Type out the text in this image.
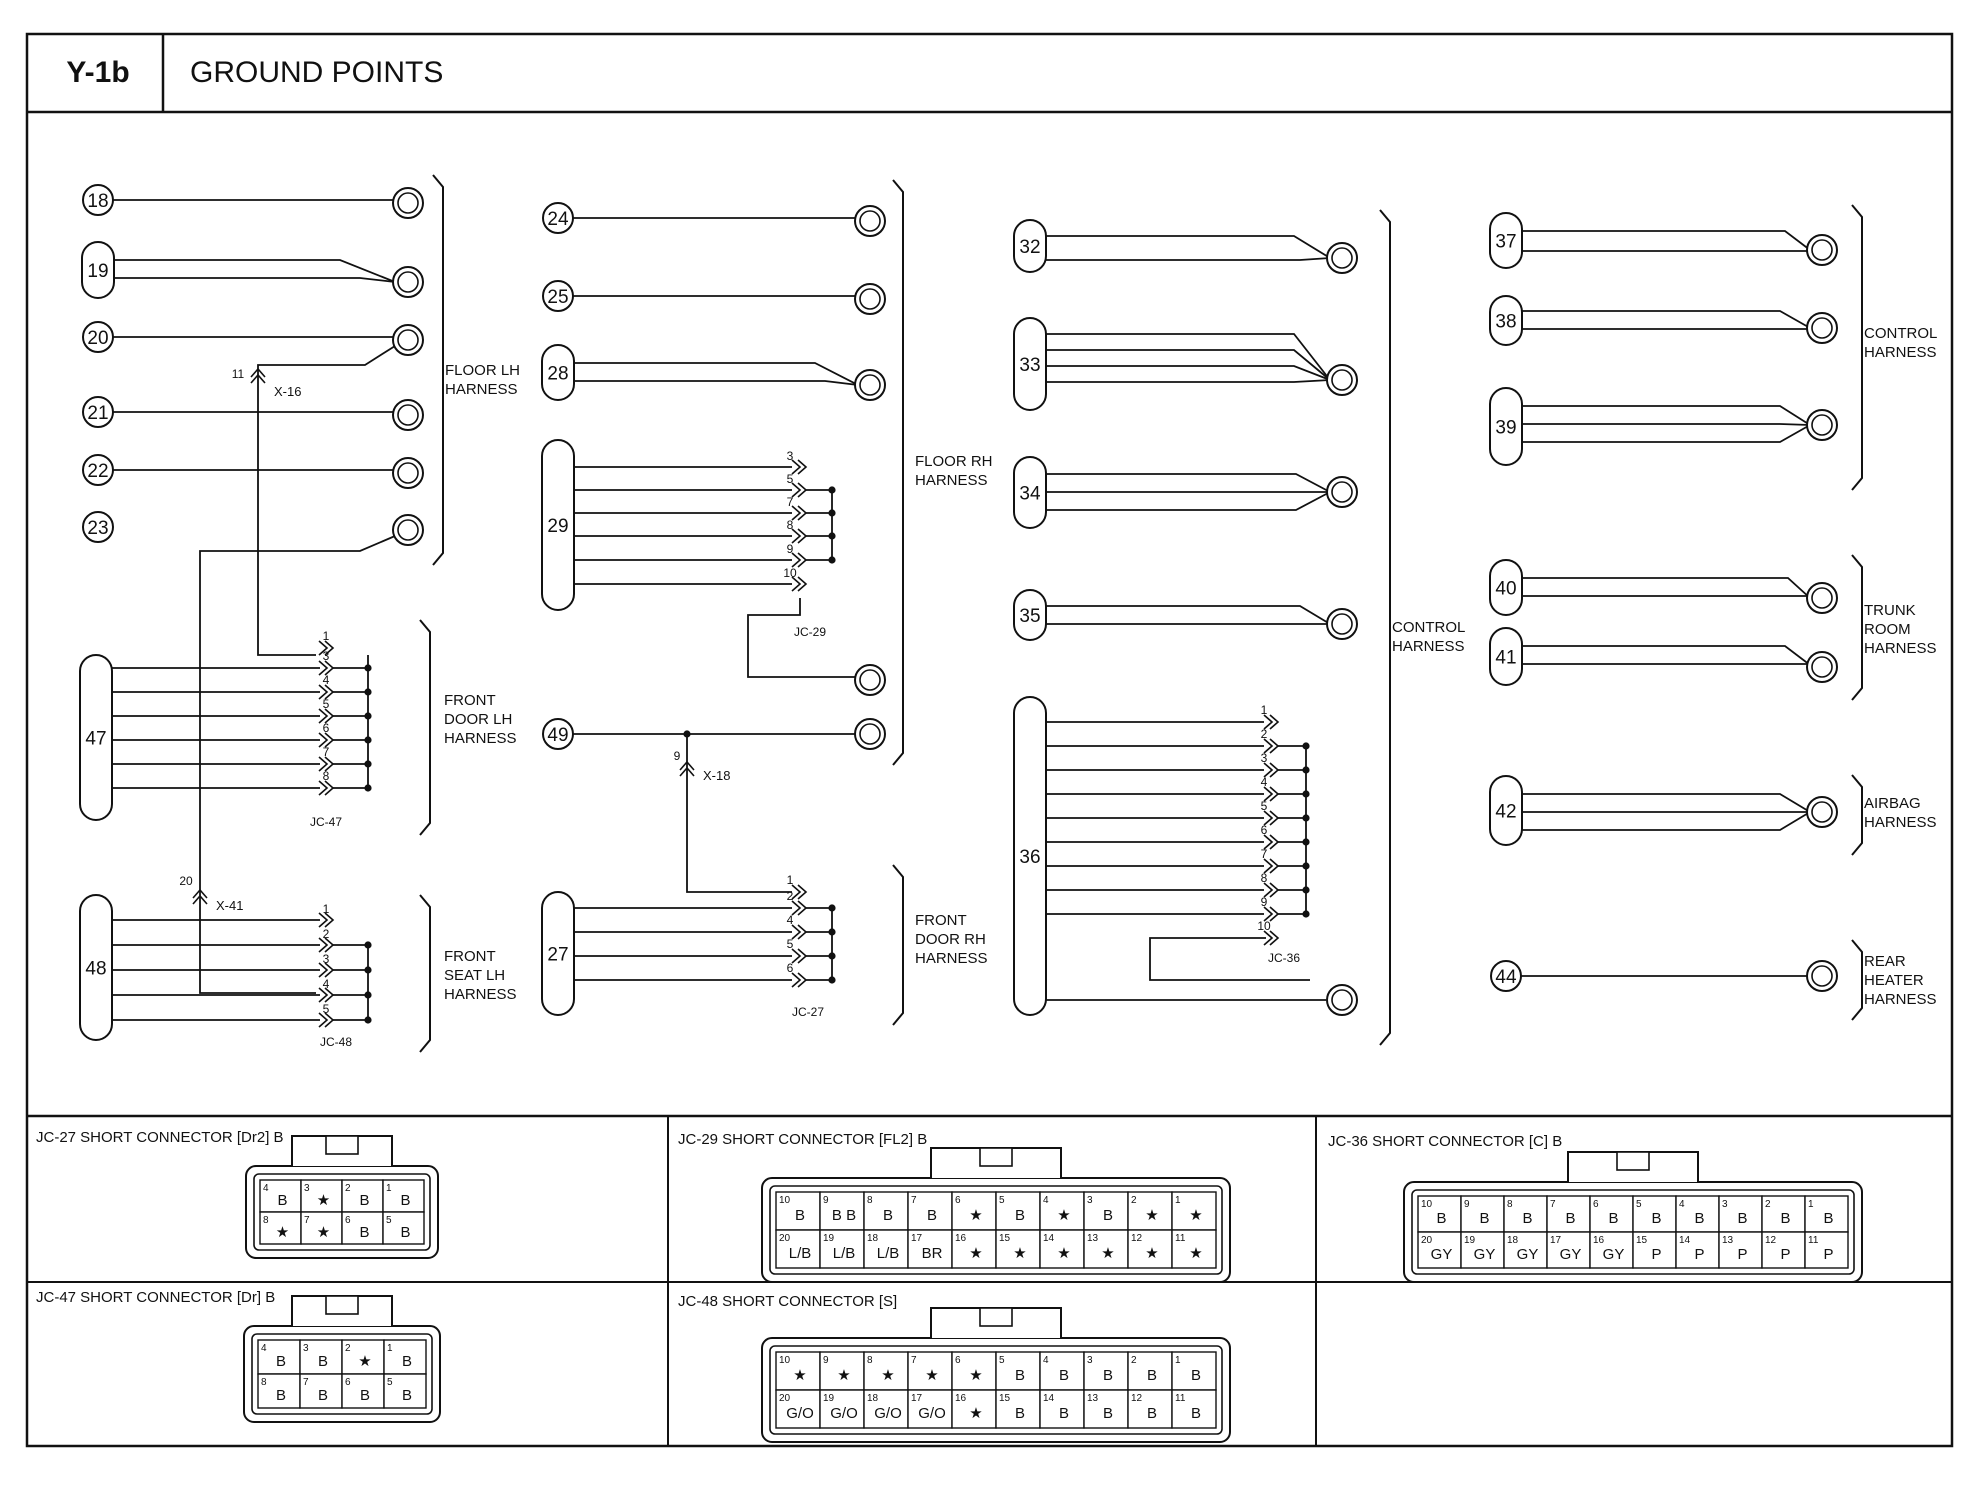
Y-1b	GROUND POINTS
18
19
20
21
22
23
11
X-16
20
X-41
FLOOR LH
HARNESS
47
1
3
4
5
6
7
8
JC-47
FRONT
DOOR LH
HARNESS
48
1
2
3
4
5
JC-48
FRONT
SEAT LH
HARNESS
24
25
28
29
3
5
7
8
9
10
JC-29
49
9
X-18
FLOOR RH
HARNESS
27
1
2
4
5
6
JC-27
FRONT
DOOR RH
HARNESS
32
33
34
35
36
1
2
3
4
5
6
7
8
9
10
JC-36
CONTROL
HARNESS
37
38
39
CONTROL
HARNESS
40
41
TRUNK
ROOM
HARNESS
42	AIRBAG
HARNESS
44
REAR
HEATER
HARNESS
JC-27 SHORT CONNECTOR [Dr2] B
4
B
3
★
2
B
1
B
8
★
7
★
6
B
5
B
JC-29 SHORT CONNECTOR [FL2] B
10
B
9
B B
8
B
7
B
6
★
5
B
4
★
3
B
2
★
1
★
20
L/B
19
L/B
18
L/B
17
BR
16
★
15
★
14
★
13
★
12
★
11
★
JC-36 SHORT CONNECTOR [C] B
10
B
9
B
8
B
7
B
6
B
5
B
4
B
3
B
2
B
1
B
20
GY
19
GY
18
GY
17
GY
16
GY
15
P
14
P
13
P
12
P
11
P
JC-47 SHORT CONNECTOR [Dr] B
4
B
3
B
2
★
1
B
8
B
7
B
6
B
5
B
JC-48 SHORT CONNECTOR [S]
10
★
9
★
8
★
7
★
6
★
5
B
4
B
3
B
2
B
1
B
20
G/O
19
G/O
18
G/O
17
G/O
16
★
15
B
14
B
13
B
12
B
11
B
